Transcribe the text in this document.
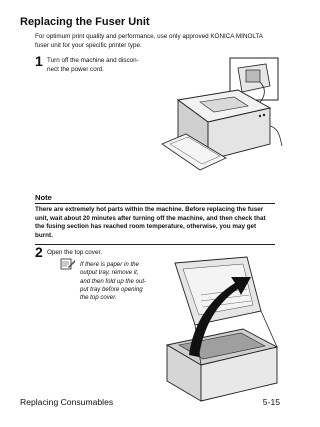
Replacing the Fuser Unit
For optimum print quality and performance, use only approved KONICA MINOLTA fuser unit for your specific printer type.
1 Turn off the machine and discon-
nect the power cord.
Note
There are extremely hot parts within the machine. Before replacing the fuser unit, wait about 20 minutes after turning off the machine, and then check that the fusing section has reached room temperature, otherwise, you may get burnt.
2 Open the top cover.
If there is paper in the
output tray, remove it,
and then fold up the out-
put tray before opening
the top cover.
Replacing Consumables	5-15
